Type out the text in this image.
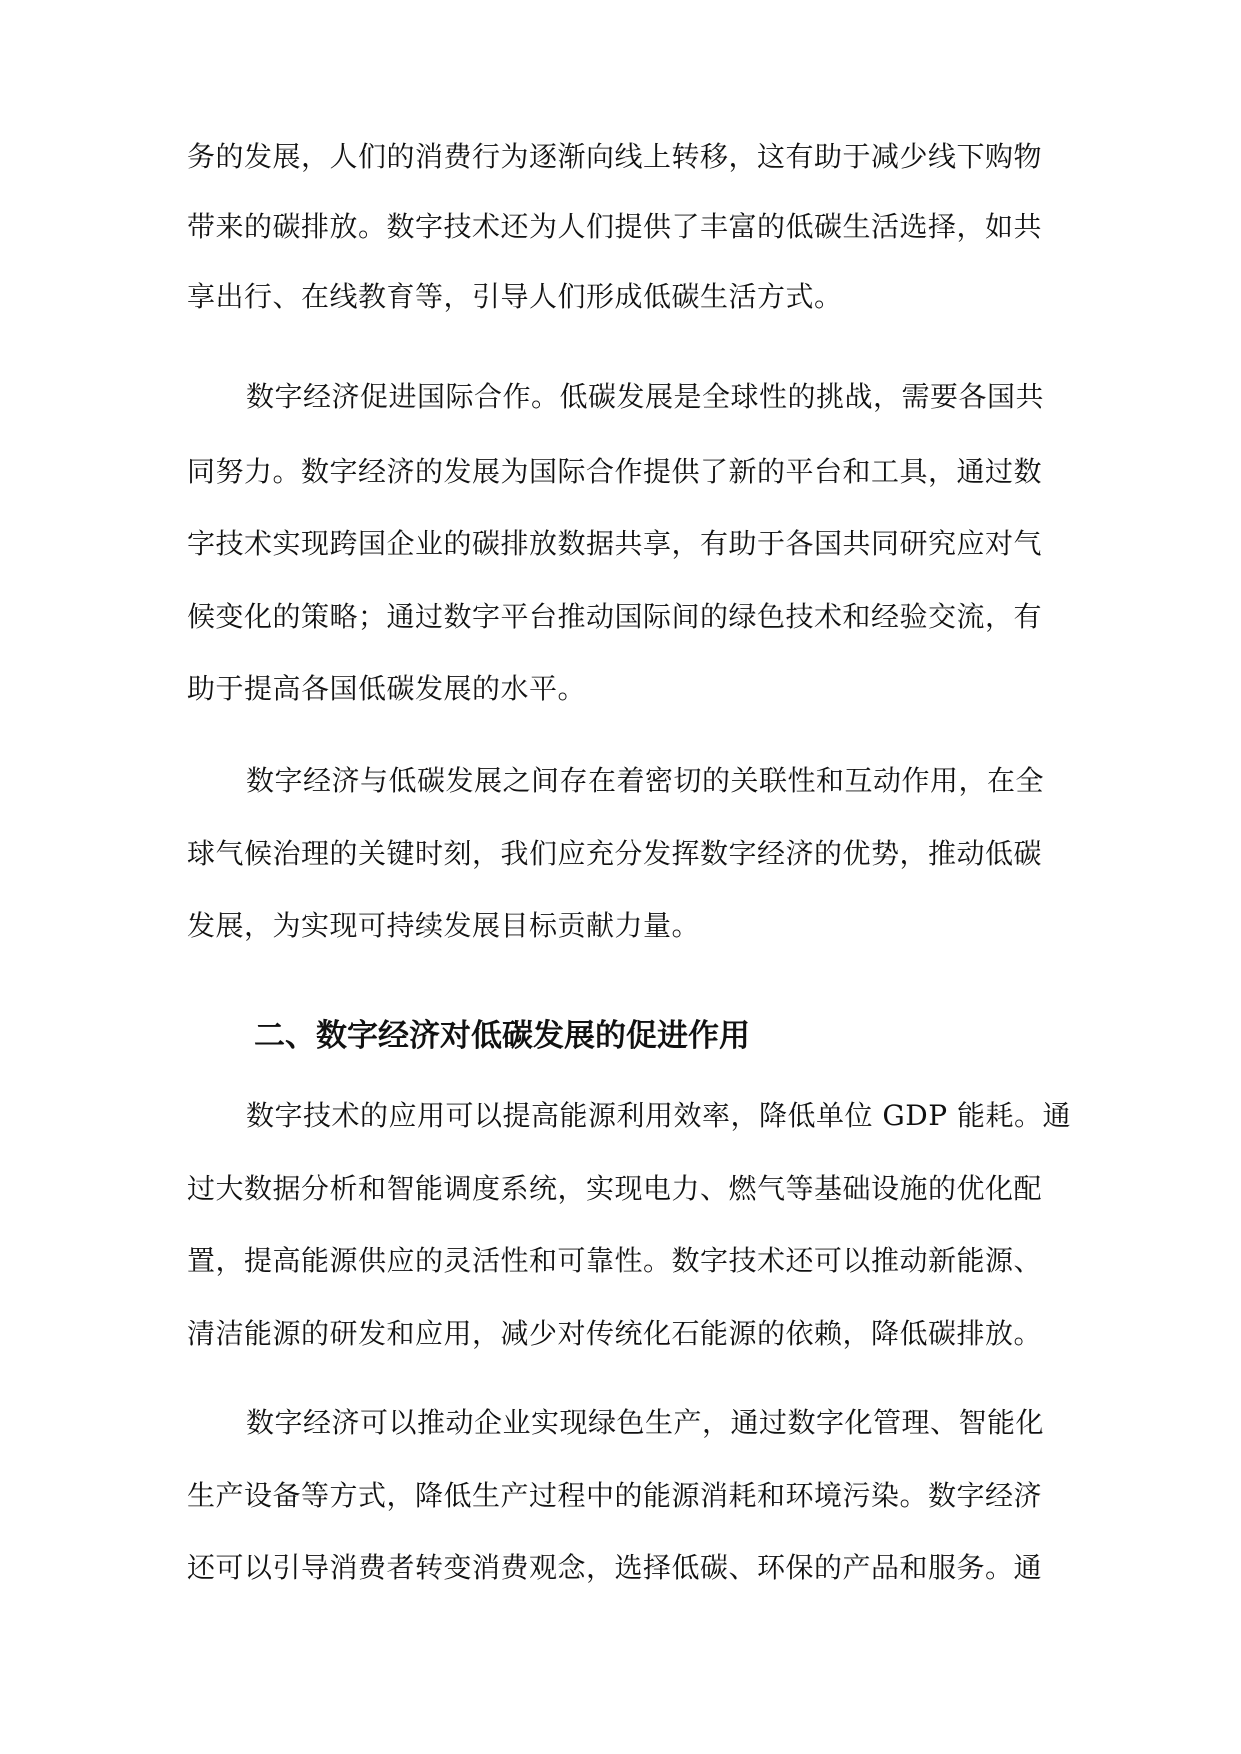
务的发展，人们的消费行为逐渐向线上转移，这有助于减少线下购物

带来的碳排放。数字技术还为人们提供了丰富的低碳生活选择，如共

享出行、在线教育等，引导人们形成低碳生活方式。

数字经济促进国际合作。低碳发展是全球性的挑战，需要各国共

同努力。数字经济的发展为国际合作提供了新的平台和工具，通过数

字技术实现跨国企业的碳排放数据共享，有助于各国共同研究应对气

候变化的策略；通过数字平台推动国际间的绿色技术和经验交流，有

助于提高各国低碳发展的水平。

数字经济与低碳发展之间存在着密切的关联性和互动作用，在全

球气候治理的关键时刻，我们应充分发挥数字经济的优势，推动低碳

发展，为实现可持续发展目标贡献力量。

二、数字经济对低碳发展的促进作用

数字技术的应用可以提高能源利用效率，降低单位 GDP 能耗。通

过大数据分析和智能调度系统，实现电力、燃气等基础设施的优化配

置，提高能源供应的灵活性和可靠性。数字技术还可以推动新能源、

清洁能源的研发和应用，减少对传统化石能源的依赖，降低碳排放。

数字经济可以推动企业实现绿色生产，通过数字化管理、智能化

生产设备等方式，降低生产过程中的能源消耗和环境污染。数字经济

还可以引导消费者转变消费观念，选择低碳、环保的产品和服务。通
